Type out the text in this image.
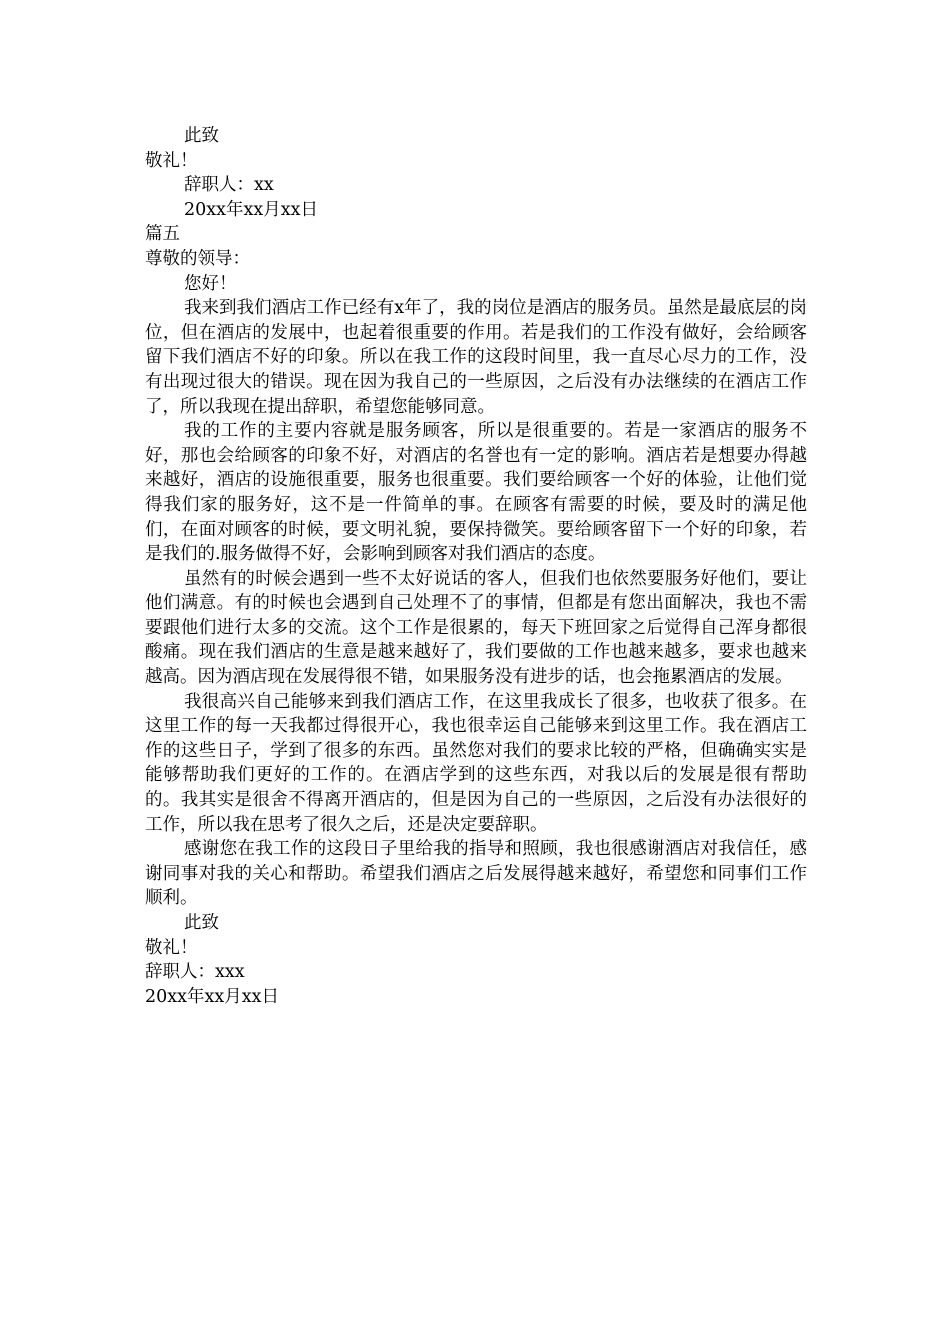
此致
敬礼！
辞职人：xx
20xx年xx月xx日
篇五
尊敬的领导：
您好！

我来到我们酒店工作已经有x年了，我的岗位是酒店的服务员。虽然是最底层的岗位，但在酒店的发展中，也起着很重要的作用。若是我们的工作没有做好，会给顾客留下我们酒店不好的印象。所以在我工作的这段时间里，我一直尽心尽力的工作，没有出现过很大的错误。现在因为我自己的一些原因，之后没有办法继续的在酒店工作了，所以我现在提出辞职，希望您能够同意。

我的工作的主要内容就是服务顾客，所以是很重要的。若是一家酒店的服务不好，那也会给顾客的印象不好，对酒店的名誉也有一定的影响。酒店若是想要办得越来越好，酒店的设施很重要，服务也很重要。我们要给顾客一个好的体验，让他们觉得我们家的服务好，这不是一件简单的事。在顾客有需要的时候，要及时的满足他们，在面对顾客的时候，要文明礼貌，要保持微笑。要给顾客留下一个好的印象，若是我们的.服务做得不好，会影响到顾客对我们酒店的态度。

虽然有的时候会遇到一些不太好说话的客人，但我们也依然要服务好他们，要让他们满意。有的时候也会遇到自己处理不了的事情，但都是有您出面解决，我也不需要跟他们进行太多的交流。这个工作是很累的，每天下班回家之后觉得自己浑身都很酸痛。现在我们酒店的生意是越来越好了，我们要做的工作也越来越多，要求也越来越高。因为酒店现在发展得很不错，如果服务没有进步的话，也会拖累酒店的发展。

我很高兴自己能够来到我们酒店工作，在这里我成长了很多，也收获了很多。在这里工作的每一天我都过得很开心，我也很幸运自己能够来到这里工作。我在酒店工作的这些日子，学到了很多的东西。虽然您对我们的要求比较的严格，但确确实实是能够帮助我们更好的工作的。在酒店学到的这些东西，对我以后的发展是很有帮助的。我其实是很舍不得离开酒店的，但是因为自己的一些原因，之后没有办法很好的工作，所以我在思考了很久之后，还是决定要辞职。

感谢您在我工作的这段日子里给我的指导和照顾，我也很感谢酒店对我信任，感谢同事对我的关心和帮助。希望我们酒店之后发展得越来越好，希望您和同事们工作顺利。

此致
敬礼！
辞职人：xxx
20xx年xx月xx日
